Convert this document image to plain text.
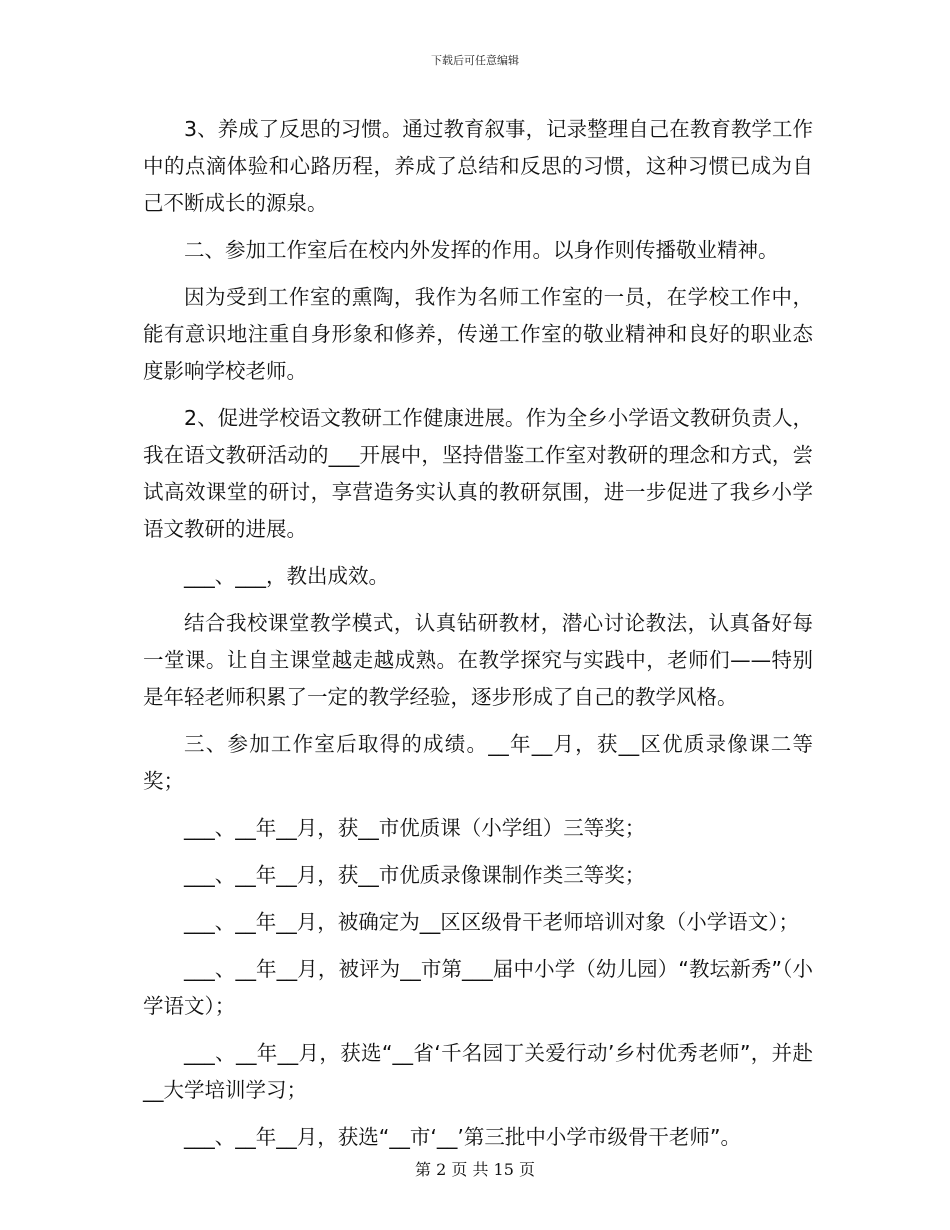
下载后可任意编辑

3、养成了反思的习惯。通过教育叙事，记录整理自己在教育教学工作中的点滴体验和心路历程，养成了总结和反思的习惯，这种习惯已成为自己不断成长的源泉。

二、参加工作室后在校内外发挥的作用。以身作则传播敬业精神。

因为受到工作室的熏陶，我作为名师工作室的一员，在学校工作中，能有意识地注重自身形象和修养，传递工作室的敬业精神和良好的职业态度影响学校老师。

2、促进学校语文教研工作健康进展。作为全乡小学语文教研负责人，我在语文教研活动的___开展中，坚持借鉴工作室对教研的理念和方式，尝试高效课堂的研讨，享营造务实认真的教研氛围，进一步促进了我乡小学语文教研的进展。

___、___，教出成效。

结合我校课堂教学模式，认真钻研教材，潜心讨论教法，认真备好每一堂课。让自主课堂越走越成熟。在教学探究与实践中，老师们——特别是年轻老师积累了一定的教学经验，逐步形成了自己的教学风格。

三、参加工作室后取得的成绩。__年__月，获__区优质录像课二等奖；

___、__年__月，获__市优质课（小学组）三等奖；

___、__年__月，获__市优质录像课制作类三等奖；

___、__年__月，被确定为__区区级骨干老师培训对象（小学语文）；

___、__年__月，被评为__市第___届中小学（幼儿园）“教坛新秀”（小学语文）；

___、__年__月，获选“__省‘千名园丁关爱行动’乡村优秀老师”，并赴__大学培训学习；

___、__年__月，获选“__市‘__’第三批中小学市级骨干老师”。

第 2 页 共 15 页
